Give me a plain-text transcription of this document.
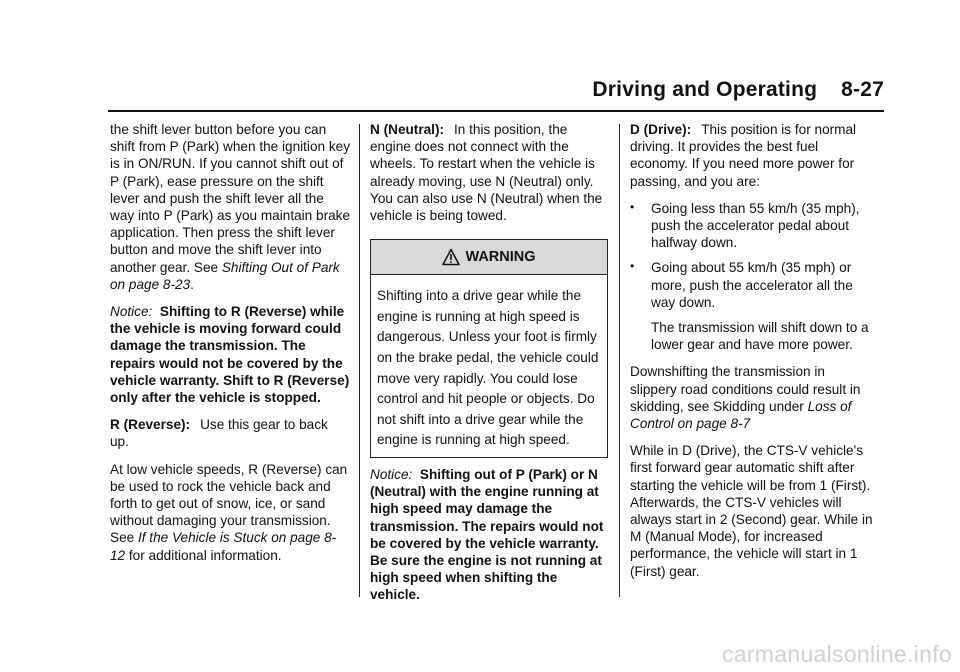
Driving and Operating 8-27

the shift lever button before you can shift from P (Park) when the ignition key is in ON/RUN. If you cannot shift out of P (Park), ease pressure on the shift lever and push the shift lever all the way into P (Park) as you maintain brake application. Then press the shift lever button and move the shift lever into another gear. See Shifting Out of Park on page 8-23.

Notice: Shifting to R (Reverse) while the vehicle is moving forward could damage the transmission. The repairs would not be covered by the vehicle warranty. Shift to R (Reverse) only after the vehicle is stopped.

R (Reverse): Use this gear to back up.

At low vehicle speeds, R (Reverse) can be used to rock the vehicle back and forth to get out of snow, ice, or sand without damaging your transmission. See If the Vehicle is Stuck on page 8-12 for additional information.

N (Neutral): In this position, the engine does not connect with the wheels. To restart when the vehicle is already moving, use N (Neutral) only. You can also use N (Neutral) when the vehicle is being towed.

WARNING
Shifting into a drive gear while the engine is running at high speed is dangerous. Unless your foot is firmly on the brake pedal, the vehicle could move very rapidly. You could lose control and hit people or objects. Do not shift into a drive gear while the engine is running at high speed.

Notice: Shifting out of P (Park) or N (Neutral) with the engine running at high speed may damage the transmission. The repairs would not be covered by the vehicle warranty. Be sure the engine is not running at high speed when shifting the vehicle.

D (Drive): This position is for normal driving. It provides the best fuel economy. If you need more power for passing, and you are:

• Going less than 55 km/h (35 mph), push the accelerator pedal about halfway down.
• Going about 55 km/h (35 mph) or more, push the accelerator all the way down.

The transmission will shift down to a lower gear and have more power.

Downshifting the transmission in slippery road conditions could result in skidding, see Skidding under Loss of Control on page 8-7

While in D (Drive), the CTS-V vehicle's first forward gear automatic shift after starting the vehicle will be from 1 (First). Afterwards, the CTS-V vehicles will always start in 2 (Second) gear. While in M (Manual Mode), for increased performance, the vehicle will start in 1 (First) gear.

carmanualsonline.info
